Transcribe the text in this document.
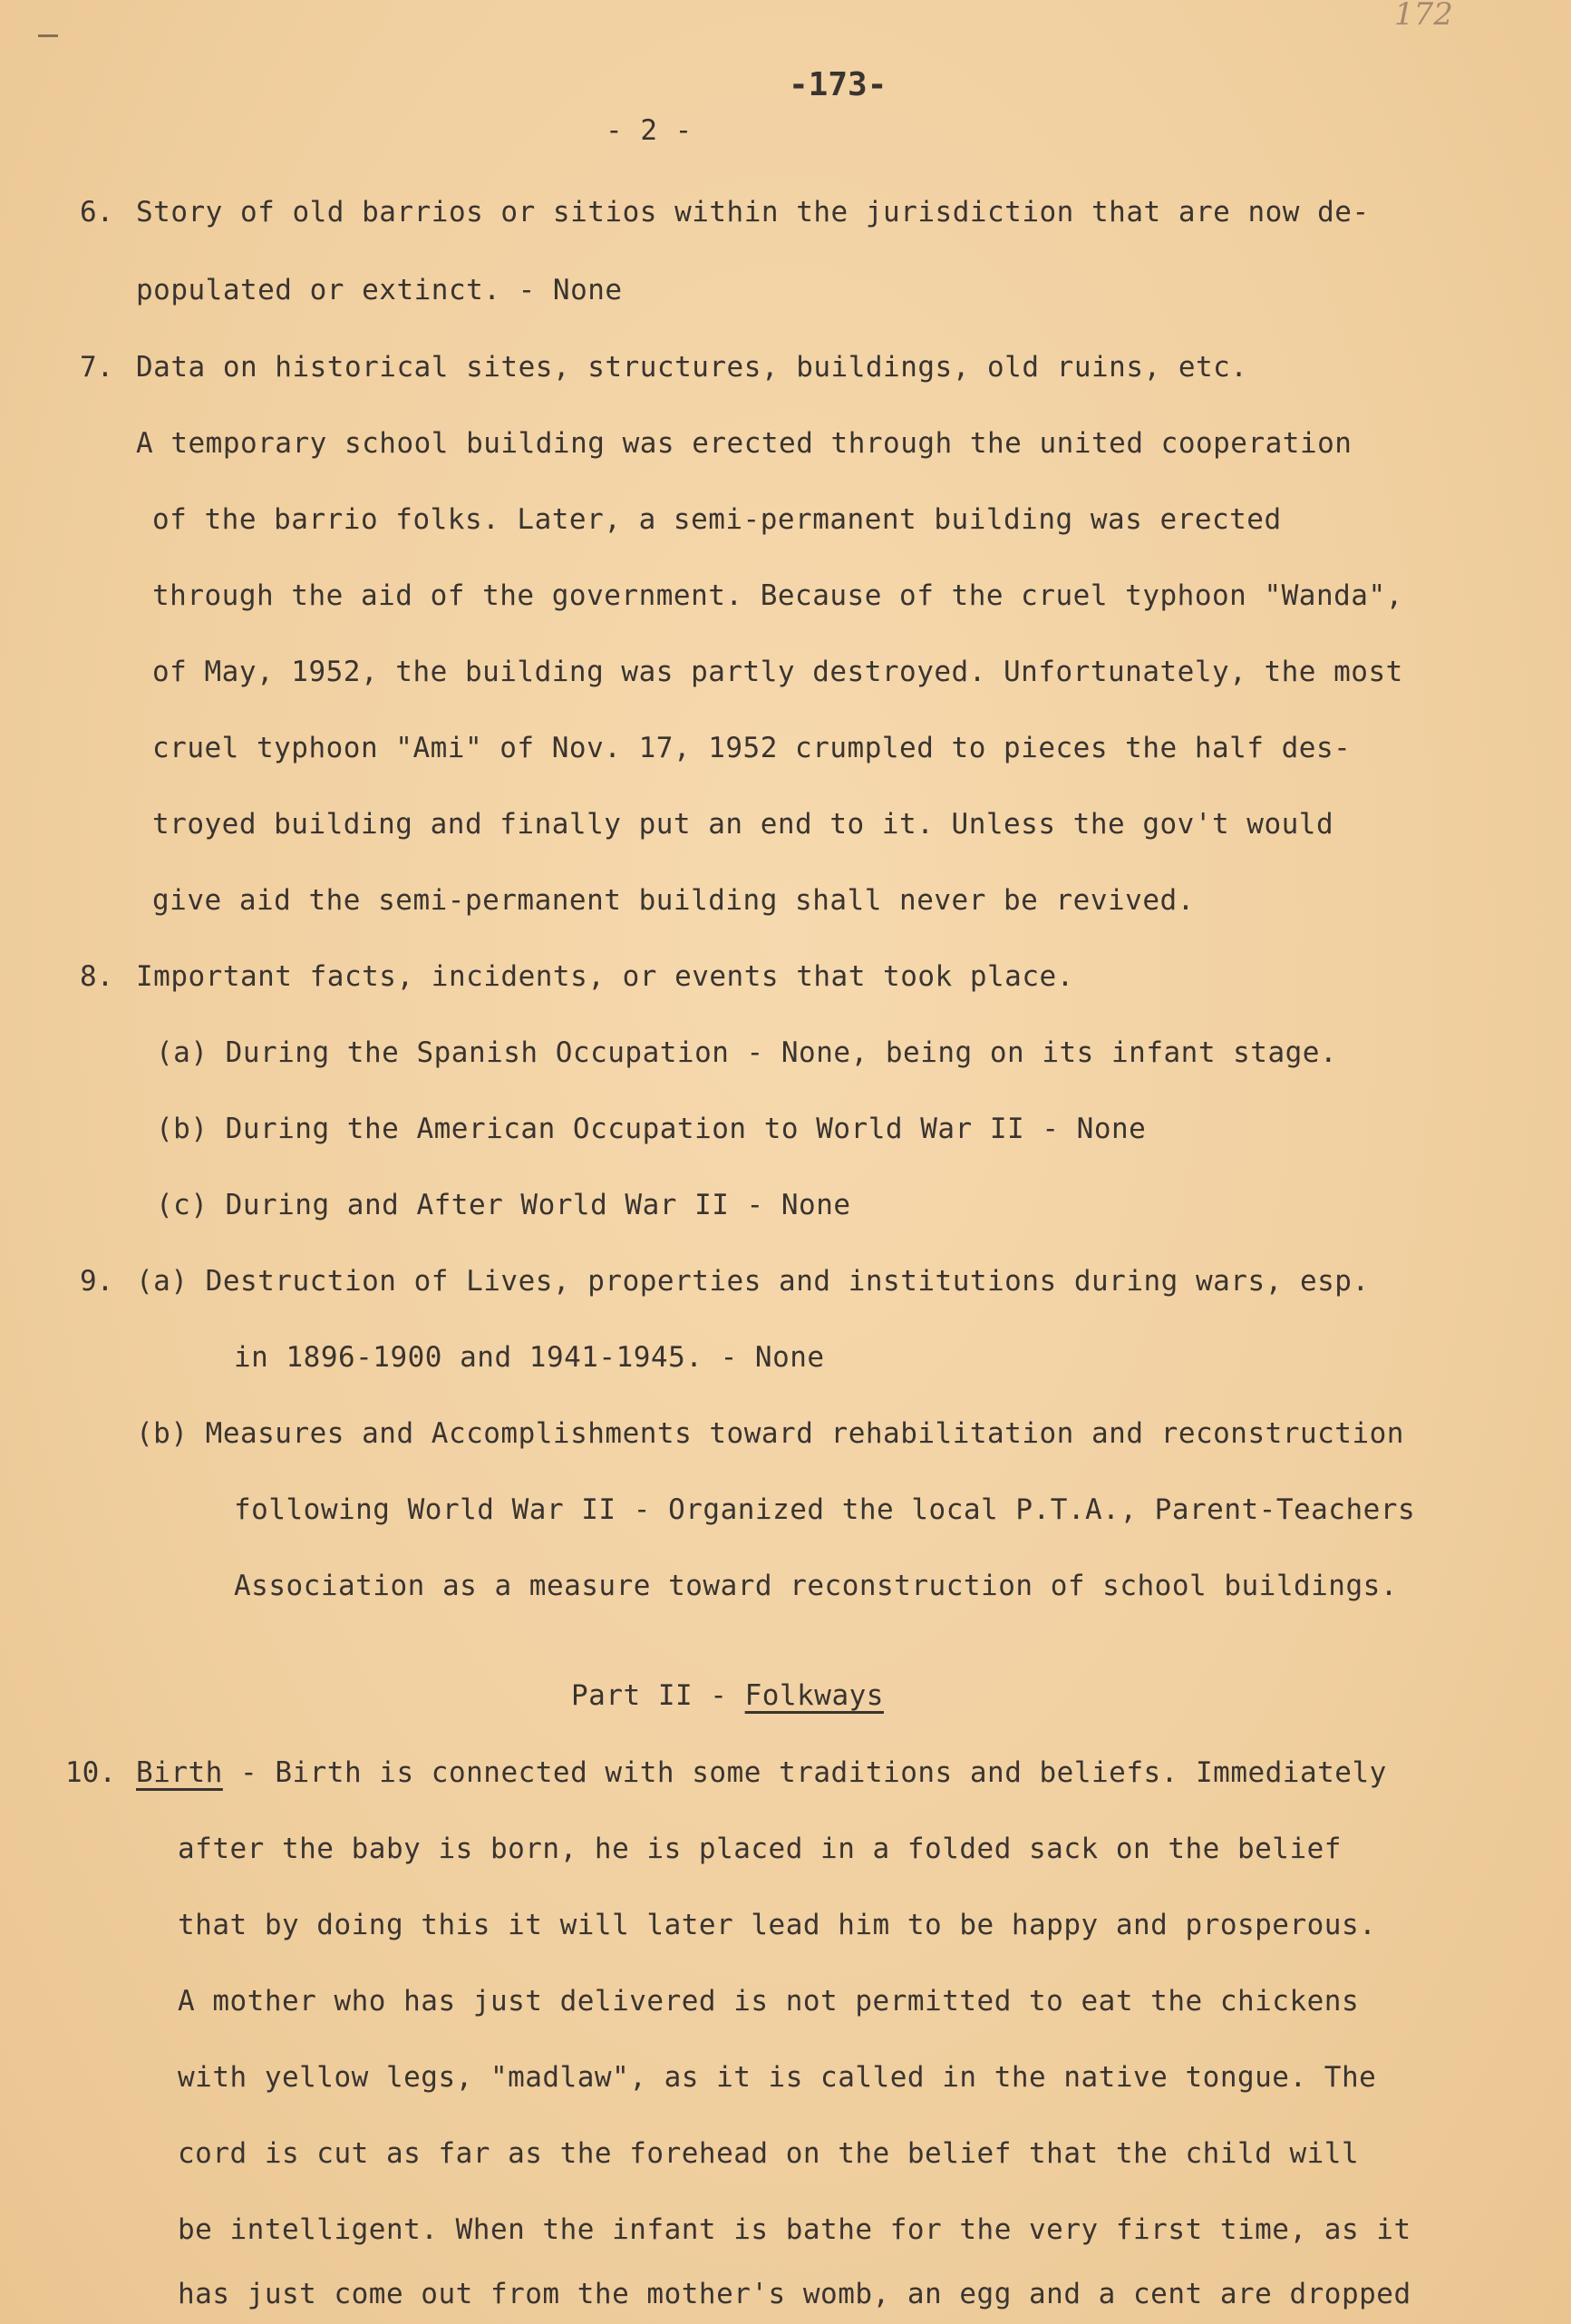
172
-173-
- 2 -
6. Story of old barrios or sitios within the jurisdiction that are now de-
populated or extinct. - None
7. Data on historical sites, structures, buildings, old ruins, etc.
A temporary school building was erected through the united cooperation
of the barrio folks. Later, a semi-permanent building was erected
through the aid of the government. Because of the cruel typhoon "Wanda",
of May, 1952, the building was partly destroyed. Unfortunately, the most
cruel typhoon "Ami" of Nov. 17, 1952 crumpled to pieces the half des-
troyed building and finally put an end to it. Unless the gov't would
give aid the semi-permanent building shall never be revived.
8. Important facts, incidents, or events that took place.
(a) During the Spanish Occupation - None, being on its infant stage.
(b) During the American Occupation to World War II - None
(c) During and After World War II - None
9. (a) Destruction of Lives, properties and institutions during wars, esp.
in 1896-1900 and 1941-1945. - None
(b) Measures and Accomplishments toward rehabilitation and reconstruction
following World War II - Organized the local P.T.A., Parent-Teachers
Association as a measure toward reconstruction of school buildings.
Part II - Folkways
10. Birth - Birth is connected with some traditions and beliefs. Immediately
after the baby is born, he is placed in a folded sack on the belief
that by doing this it will later lead him to be happy and prosperous.
A mother who has just delivered is not permitted to eat the chickens
with yellow legs, "madlaw", as it is called in the native tongue. The
cord is cut as far as the forehead on the belief that the child will
be intelligent. When the infant is bathe for the very first time, as it
has just come out from the mother's womb, an egg and a cent are dropped
